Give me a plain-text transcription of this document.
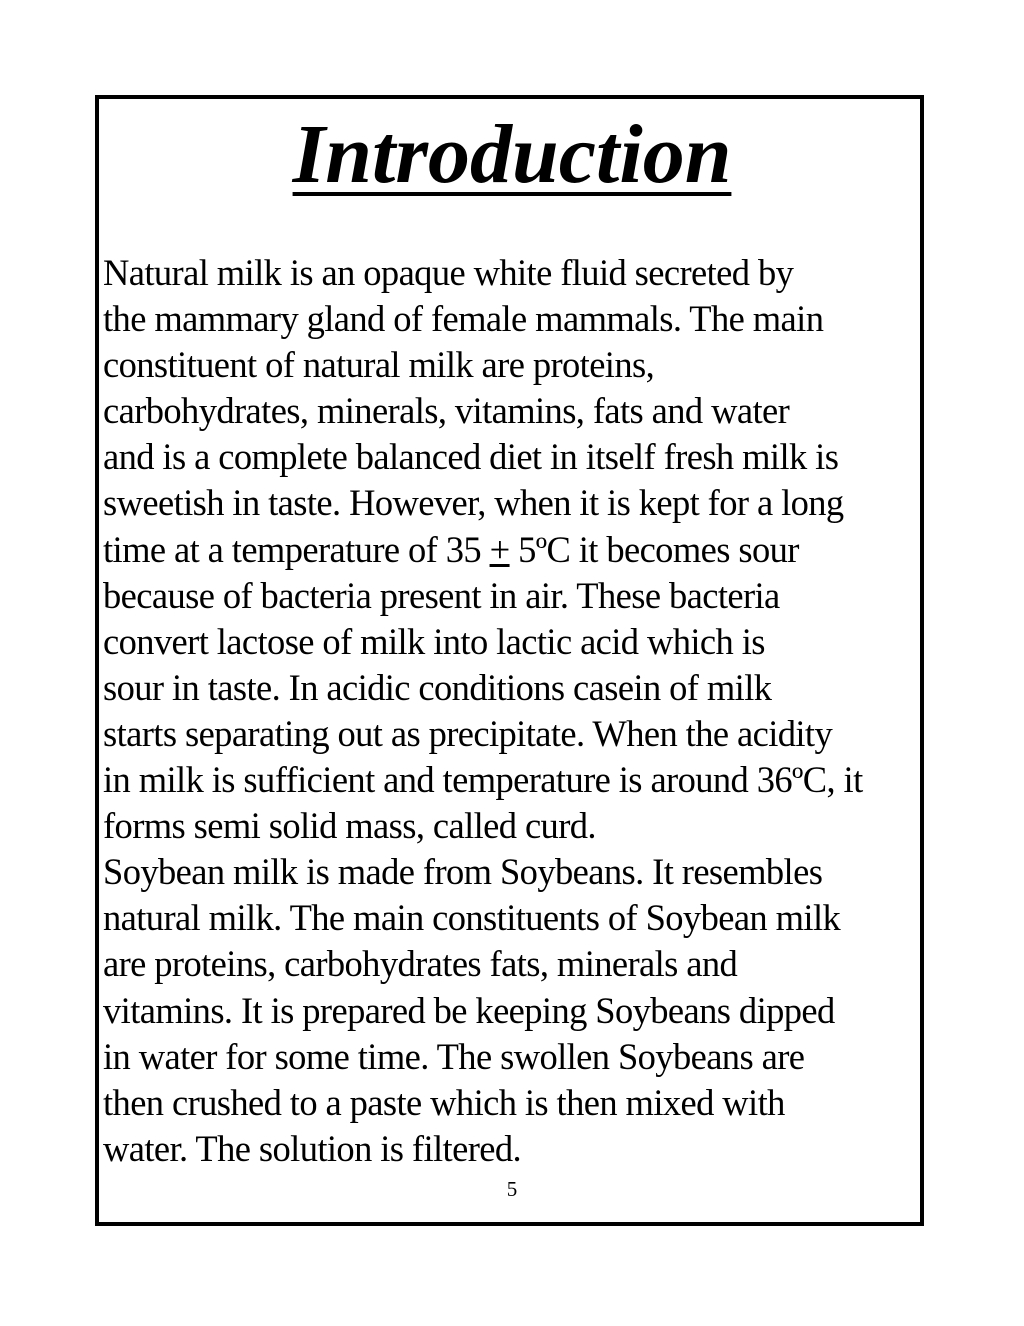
Introduction
Natural milk is an opaque white fluid secreted by
the mammary gland of female mammals. The main
constituent of natural milk are proteins,
carbohydrates, minerals, vitamins, fats and water
and is a complete balanced diet in itself fresh milk is
sweetish in taste. However, when it is kept for a long
time at a temperature of 35 + 5ºC it becomes sour
because of bacteria present in air. These bacteria
convert lactose of milk into lactic acid which is
sour in taste. In acidic conditions casein of milk
starts separating out as precipitate. When the acidity
in milk is sufficient and temperature is around 36ºC, it
forms semi solid mass, called curd.
Soybean milk is made from Soybeans. It resembles
natural milk. The main constituents of Soybean milk
are proteins, carbohydrates fats, minerals and
vitamins. It is prepared be keeping Soybeans dipped
in water for some time. The swollen Soybeans are
then crushed to a paste which is then mixed with
water. The solution is filtered.
5
